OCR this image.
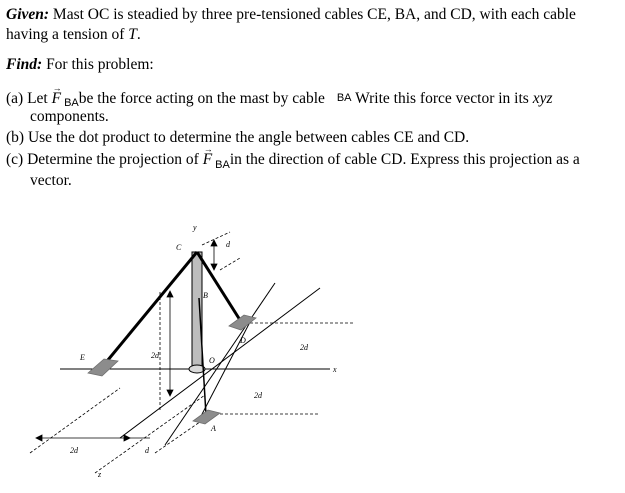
Given: Mast OC is steadied by three pre-tensioned cables CE, BA, and CD, with each cable
having a tension of T.
Find: For this problem:
(a) Let → F BAbe the force acting on the mast by cable BA Write this force vector in its xyz
components.
(b) Use the dot product to determine the angle between cables CE and CD.
(c) Determine the projection of → F $_{BA}$in the direction of cable CD. Express this projection as a
vector.
y
C	d
B
D
E	2d
O
2d
x
2d
A
2d	d
z
